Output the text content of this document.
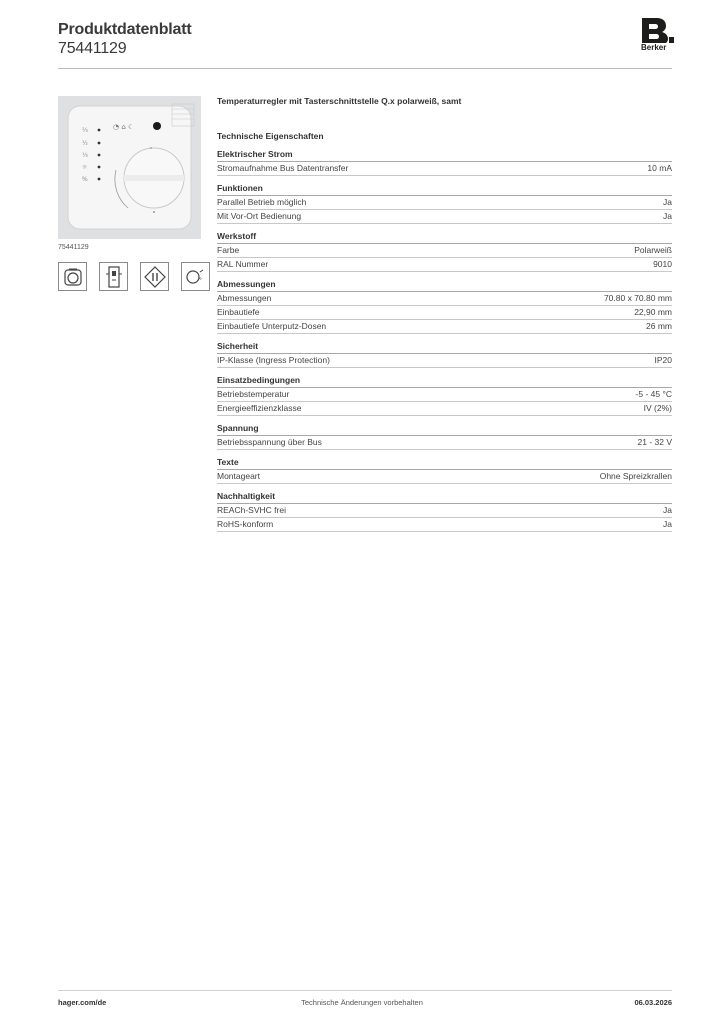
Produktdatenblatt
75441129	Berker
◔ ⌂ ☾
⅔
½
⅓
☼
%
75441129
°
Temperaturregler mit Tasterschnittstelle Q.x polarweiß, samt
Technische Eigenschaften
Elektrischer Strom
Stromaufnahme Bus Datentransfer	10 mA
Funktionen
Parallel Betrieb möglich	Ja
Mit Vor-Ort Bedienung	Ja
Werkstoff
Farbe	Polarweiß
RAL Nummer	9010
Abmessungen
Abmessungen	70.80 x 70.80 mm
Einbautiefe	22,90 mm
Einbautiefe Unterputz-Dosen	26 mm
Sicherheit
IP-Klasse (Ingress Protection)	IP20
Einsatzbedingungen
Betriebstemperatur	-5 - 45 °C
Energieeffizienzklasse	IV (2%)
Spannung
Betriebsspannung über Bus	21 - 32 V
Texte
Montageart	Ohne Spreizkrallen
Nachhaltigkeit
REACh-SVHC frei	Ja
RoHS-konform	Ja
hager.com/de	Technische Änderungen vorbehalten	06.03.2026
